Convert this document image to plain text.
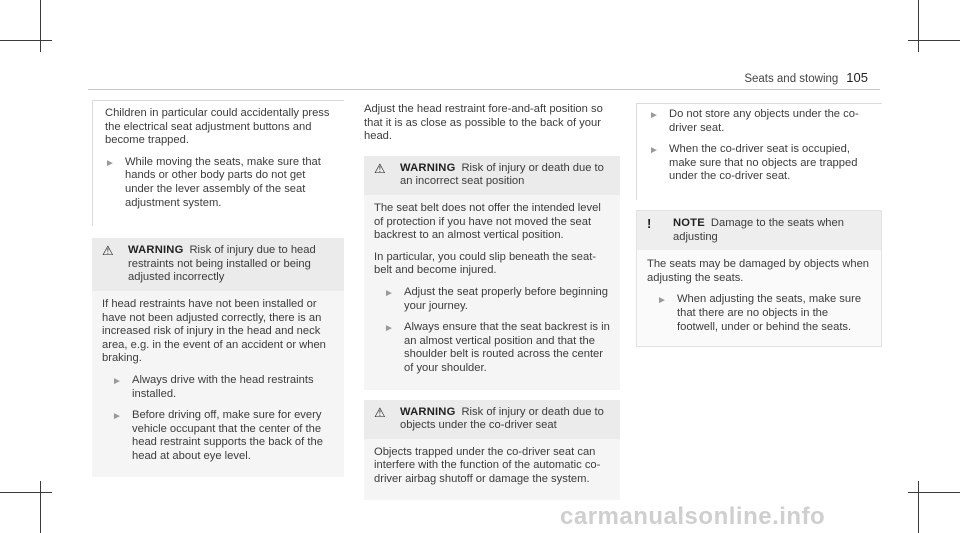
Seats and stowing 105

Children in particular could accidentally press the electrical seat adjustment buttons and become trapped.

► While moving the seats, make sure that hands or other body parts do not get under the lever assembly of the seat adjustment system.
⚠	WARNING Risk of injury due to head restraints not being installed or being adjusted incorrectly

If head restraints have not been installed or have not been adjusted correctly, there is an increased risk of injury in the head and neck area, e.g. in the event of an accident or when braking.

► Always drive with the head restraints installed.
► Before driving off, make sure for every vehicle occupant that the center of the head restraint supports the back of the head at about eye level.

Adjust the head restraint fore-and-aft position so that it is as close as possible to the back of your head.

⚠	WARNING Risk of injury or death due to an incorrect seat position

The seat belt does not offer the intended level of protection if you have not moved the seat backrest to an almost vertical position.

In particular, you could slip beneath the seat-belt and become injured.

► Adjust the seat properly before beginning your journey.
► Always ensure that the seat backrest is in an almost vertical position and that the shoulder belt is routed across the center of your shoulder.
⚠	WARNING Risk of injury or death due to objects under the co-driver seat

Objects trapped under the co-driver seat can interfere with the function of the automatic co-driver airbag shutoff or damage the system.

► Do not store any objects under the co-driver seat.
► When the co-driver seat is occupied, make sure that no objects are trapped under the co-driver seat.
!	NOTE Damage to the seats when adjusting

The seats may be damaged by objects when adjusting the seats.

► When adjusting the seats, make sure that there are no objects in the footwell, under or behind the seats.
carmanualsonline.info
